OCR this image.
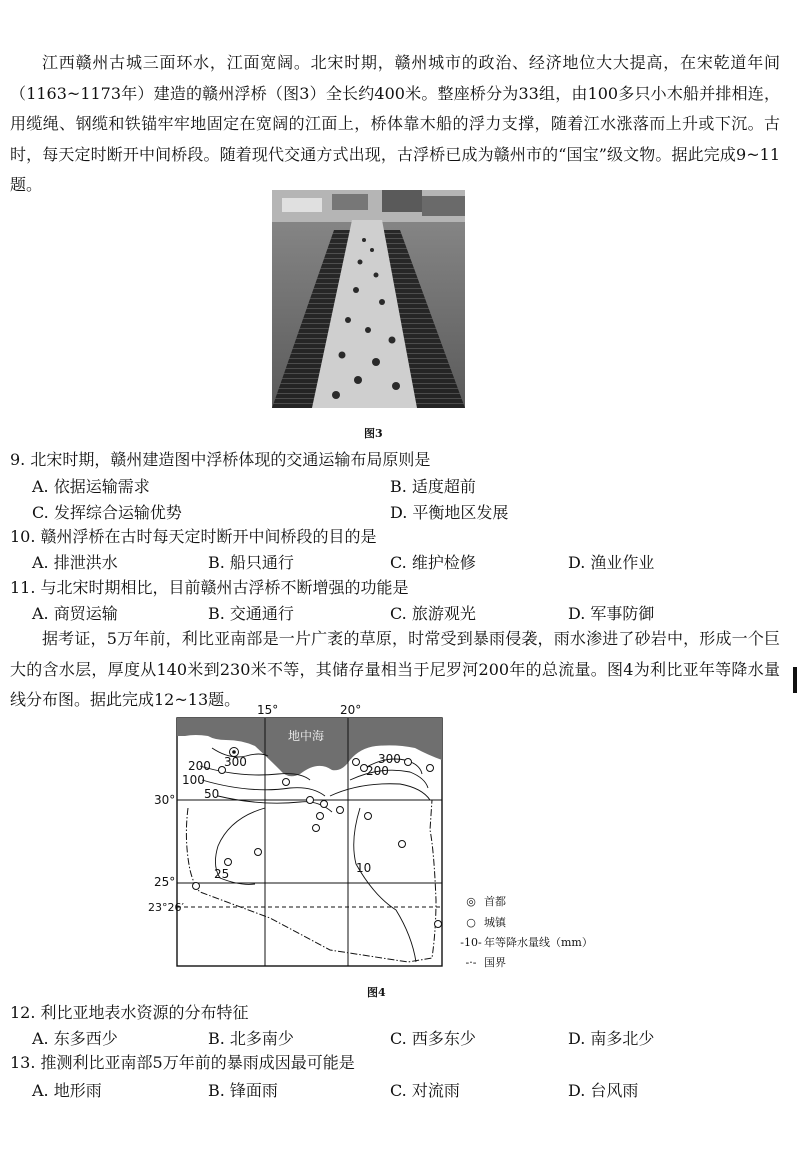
江西赣州古城三面环水，江面宽阔。北宋时期，赣州城市的政治、经济地位大大提高，在宋乾道年间（1163~1173年）建造的赣州浮桥（图3）全长约400米。整座桥分为33组，由100多只小木船并排相连，用缆绳、钢缆和铁锚牢牢地固定在宽阔的江面上，桥体靠木船的浮力支撑，随着江水涨落而上升或下沉。古时，每天定时断开中间桥段。随着现代交通方式出现，古浮桥已成为赣州市的“国宝”级文物。据此完成9~11题。

图3

9. 北宋时期，赣州建造图中浮桥体现的交通运输布局原则是

A. 依据运输需求	B. 适度超前

C. 发挥综合运输优势	D. 平衡地区发展

10. 赣州浮桥在古时每天定时断开中间桥段的目的是

A. 排泄洪水	B. 船只通行	C. 维护检修	D. 渔业作业

11. 与北宋时期相比，目前赣州古浮桥不断增强的功能是

A. 商贸运输	B. 交通通行	C. 旅游观光	D. 军事防御

据考证，5万年前，利比亚南部是一片广袤的草原，时常受到暴雨侵袭，雨水渗进了砂岩中，形成一个巨大的含水层，厚度从140米到230米不等，其储存量相当于尼罗河200年的总流量。图4为利比亚年等降水量线分布图。据此完成12~13题。

15°	20°
30°
25°
23°26′
地中海
300
200
100
50
25
300
200
10
◎ 首都
○ 城镇
-10- 年等降水量线（mm）
-·- 国界
图4

12. 利比亚地表水资源的分布特征

A. 东多西少	B. 北多南少	C. 西多东少	D. 南多北少

13. 推测利比亚南部5万年前的暴雨成因最可能是

A. 地形雨	B. 锋面雨	C. 对流雨	D. 台风雨
